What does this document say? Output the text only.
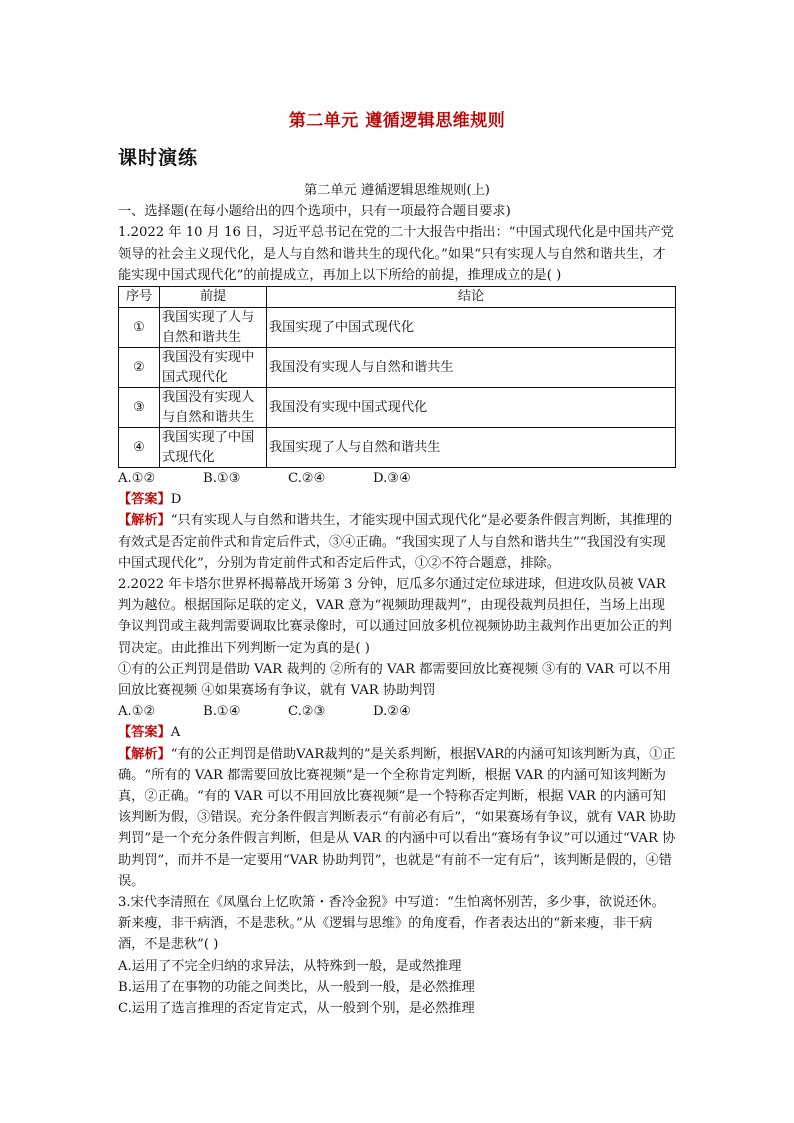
第二单元 遵循逻辑思维规则
课时演练

第二单元 遵循逻辑思维规则(上)

一、选择题(在每小题给出的四个选项中，只有一项最符合题目要求)

1.2022 年 10 月 16 日，习近平总书记在党的二十大报告中指出：“中国式现代化是中国共产党领导的社会主义现代化，是人与自然和谐共生的现代化。”如果“只有实现人与自然和谐共生，才能实现中国式现代化”的前提成立，再加上以下所给的前提，推理成立的是( )

序号	前提	结论
①	我国实现了人与自然和谐共生	我国实现了中国式现代化
②	我国没有实现中国式现代化	我国没有实现人与自然和谐共生
③	我国没有实现人与自然和谐共生	我国没有实现中国式现代化
④	我国实现了中国式现代化	我国实现了人与自然和谐共生
A.①②	B.①③	C.②④	D.③④

【答案】D

【解析】“只有实现人与自然和谐共生，才能实现中国式现代化”是必要条件假言判断，其推理的有效式是否定前件式和肯定后件式，③④正确。“我国实现了人与自然和谐共生”“我国没有实现中国式现代化”，分别为肯定前件式和否定后件式，①②不符合题意，排除。

2.2022 年卡塔尔世界杯揭幕战开场第 3 分钟，厄瓜多尔通过定位球进球，但进攻队员被 VAR 判为越位。根据国际足联的定义，VAR 意为“视频助理裁判”，由现役裁判员担任，当场上出现争议判罚或主裁判需要调取比赛录像时，可以通过回放多机位视频协助主裁判作出更加公正的判罚决定。由此推出下列判断一定为真的是( )

①有的公正判罚是借助 VAR 裁判的 ②所有的 VAR 都需要回放比赛视频 ③有的 VAR 可以不用回放比赛视频 ④如果赛场有争议，就有 VAR 协助判罚

A.①②	B.①④	C.②③	D.②④

【答案】A

【解析】“有的公正判罚是借助VAR裁判的”是关系判断，根据VAR的内涵可知该判断为真，①正确。“所有的 VAR 都需要回放比赛视频”是一个全称肯定判断，根据 VAR 的内涵可知该判断为真，②正确。“有的 VAR 可以不用回放比赛视频”是一个特称否定判断，根据 VAR 的内涵可知该判断为假，③错误。充分条件假言判断表示“有前必有后”，“如果赛场有争议，就有 VAR 协助判罚”是一个充分条件假言判断，但是从 VAR 的内涵中可以看出“赛场有争议”可以通过“VAR 协助判罚”，而并不是一定要用“VAR 协助判罚”，也就是“有前不一定有后”，该判断是假的，④错误。

3.宋代李清照在《凤凰台上忆吹箫・香冷金猊》中写道：“生怕离怀别苦，多少事，欲说还休。新来瘦，非干病酒，不是悲秋。”从《逻辑与思维》的角度看，作者表达出的“新来瘦，非干病酒，不是悲秋”( )

A.运用了不完全归纳的求异法，从特殊到一般，是或然推理

B.运用了在事物的功能之间类比，从一般到一般，是必然推理

C.运用了选言推理的否定肯定式，从一般到个别，是必然推理
